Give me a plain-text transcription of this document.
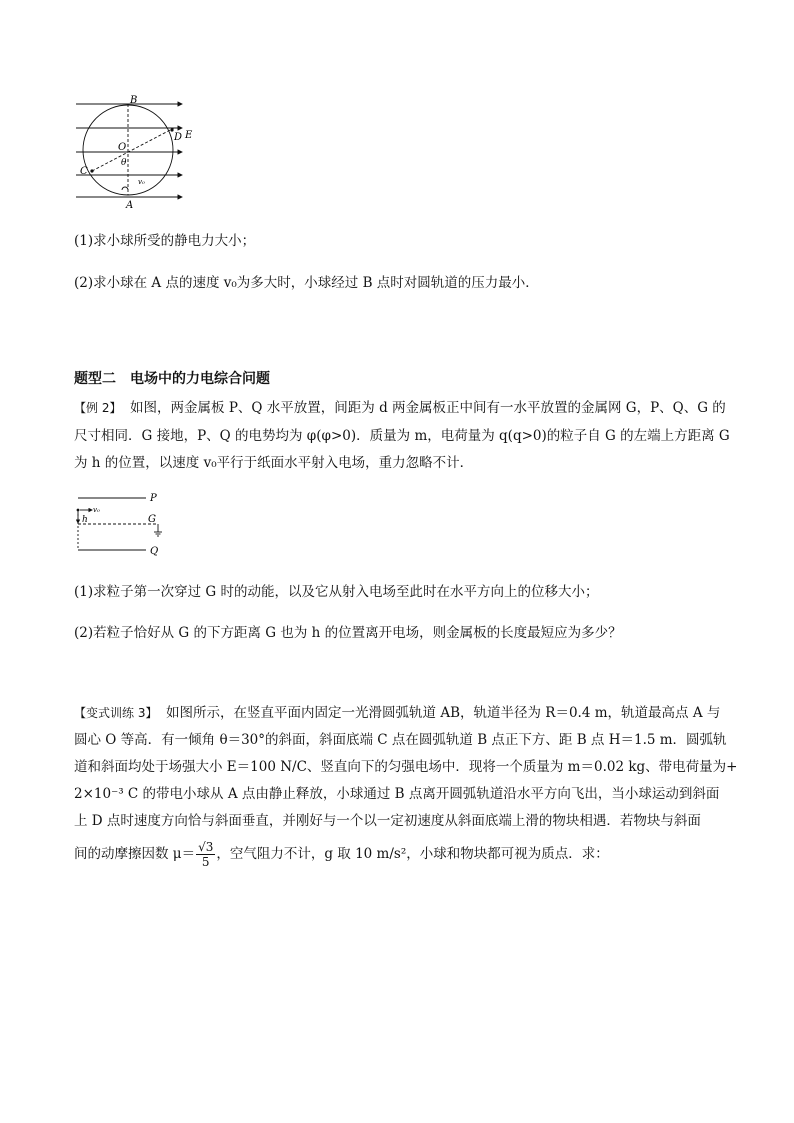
B
O
D E
C
θ
v₀
A
(1)求小球所受的静电力大小；
(2)求小球在 A 点的速度 v₀为多大时，小球经过 B 点时对圆轨道的压力最小．
题型二　电场中的力电综合问题
【例 2】 如图，两金属板 P、Q 水平放置，间距为 d 两金属板正中间有一水平放置的金属网 G，P、Q、G 的
尺寸相同．G 接地，P、Q 的电势均为 φ(φ>0)．质量为 m，电荷量为 q(q>0)的粒子自 G 的左端上方距离 G
为 h 的位置，以速度 v₀平行于纸面水平射入电场，重力忽略不计．
P
v₀
h	G
Q
(1)求粒子第一次穿过 G 时的动能，以及它从射入电场至此时在水平方向上的位移大小；
(2)若粒子恰好从 G 的下方距离 G 也为 h 的位置离开电场，则金属板的长度最短应为多少？
【变式训练 3】 如图所示，在竖直平面内固定一光滑圆弧轨道 AB，轨道半径为 R＝0.4 m，轨道最高点 A 与
圆心 O 等高．有一倾角 θ＝30°的斜面，斜面底端 C 点在圆弧轨道 B 点正下方、距 B 点 H＝1.5 m．圆弧轨
道和斜面均处于场强大小 E＝100 N/C、竖直向下的匀强电场中．现将一个质量为 m＝0.02 kg、带电荷量为+
2×10⁻³ C 的带电小球从 A 点由静止释放，小球通过 B 点离开圆弧轨道沿水平方向飞出，当小球运动到斜面
上 D 点时速度方向恰与斜面垂直，并刚好与一个以一定初速度从斜面底端上滑的物块相遇．若物块与斜面
间的动摩擦因数 $\mu= \frac{√3}{5}$ ，空气阻力不计，g 取 10 m/s²，小球和物块都可视为质点．求：
